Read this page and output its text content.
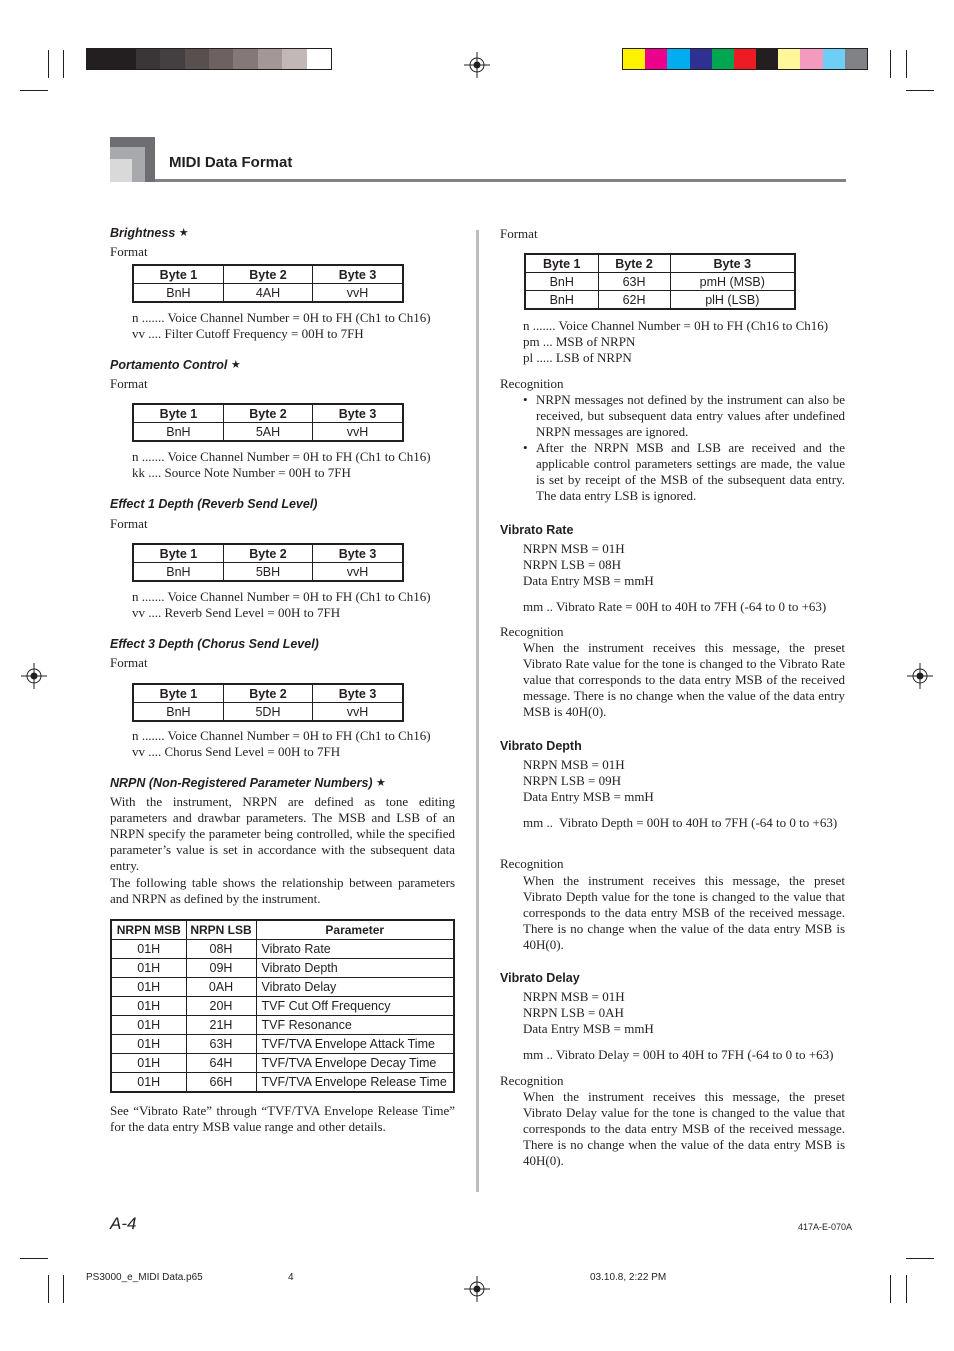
MIDI Data Format
Brightness ★
Format
Byte 1	Byte 2	Byte 3
BnH	4AH	vvH
n ....... Voice Channel Number = 0H to FH (Ch1 to Ch16)
vv .... Filter Cutoff Frequency = 00H to 7FH
Portamento Control ★
Format
Byte 1	Byte 2	Byte 3
BnH	5AH	vvH
n ....... Voice Channel Number = 0H to FH (Ch1 to Ch16)
kk .... Source Note Number = 00H to 7FH
Effect 1 Depth (Reverb Send Level)
Format
Byte 1	Byte 2	Byte 3
BnH	5BH	vvH
n ....... Voice Channel Number = 0H to FH (Ch1 to Ch16)
vv .... Reverb Send Level = 00H to 7FH
Effect 3 Depth (Chorus Send Level)
Format
Byte 1	Byte 2	Byte 3
BnH	5DH	vvH
n ....... Voice Channel Number = 0H to FH (Ch1 to Ch16)
vv .... Chorus Send Level = 00H to 7FH
NRPN (Non-Registered Parameter Numbers) ★
With the instrument, NRPN are defined as tone editing parameters and drawbar parameters. The MSB and LSB of an NRPN specify the parameter being controlled, while the specified parameter’s value is set in accordance with the subsequent data entry.
The following table shows the relationship between parameters and NRPN as defined by the instrument.
NRPN MSB	NRPN LSB	Parameter
01H	08H	Vibrato Rate
01H	09H	Vibrato Depth
01H	0AH	Vibrato Delay
01H	20H	TVF Cut Off Frequency
01H	21H	TVF Resonance
01H	63H	TVF/TVA Envelope Attack Time
01H	64H	TVF/TVA Envelope Decay Time
01H	66H	TVF/TVA Envelope Release Time
See “Vibrato Rate” through “TVF/TVA Envelope Release Time” for the data entry MSB value range and other details.
Format
Byte 1	Byte 2	Byte 3
BnH	63H	pmH (MSB)
BnH	62H	plH (LSB)
n ....... Voice Channel Number = 0H to FH (Ch16 to Ch16)
pm ... MSB of NRPN
pl ..... LSB of NRPN
Recognition
• NRPN messages not defined by the instrument can also be received, but subsequent data entry values after undefined NRPN messages are ignored.
• After the NRPN MSB and LSB are received and the applicable control parameters settings are made, the value is set by receipt of the MSB of the subsequent data entry. The data entry LSB is ignored.
Vibrato Rate
NRPN MSB = 01H
NRPN LSB = 08H
Data Entry MSB = mmH
mm .. Vibrato Rate = 00H to 40H to 7FH (-64 to 0 to +63)
Recognition
When the instrument receives this message, the preset Vibrato Rate value for the tone is changed to the Vibrato Rate value that corresponds to the data entry MSB of the received message. There is no change when the value of the data entry MSB is 40H(0).
Vibrato Depth
NRPN MSB = 01H
NRPN LSB = 09H
Data Entry MSB = mmH
mm .. Vibrato Depth = 00H to 40H to 7FH (-64 to 0 to +63)
Recognition
When the instrument receives this message, the preset Vibrato Depth value for the tone is changed to the value that corresponds to the data entry MSB of the received message. There is no change when the value of the data entry MSB is 40H(0).
Vibrato Delay
NRPN MSB = 01H
NRPN LSB = 0AH
Data Entry MSB = mmH
mm .. Vibrato Delay = 00H to 40H to 7FH (-64 to 0 to +63)
Recognition
When the instrument receives this message, the preset Vibrato Delay value for the tone is changed to the value that corresponds to the data entry MSB of the received message. There is no change when the value of the data entry MSB is 40H(0).
A-4	417A-E-070A
PS3000_e_MIDI Data.p65	4	03.10.8, 2:22 PM
